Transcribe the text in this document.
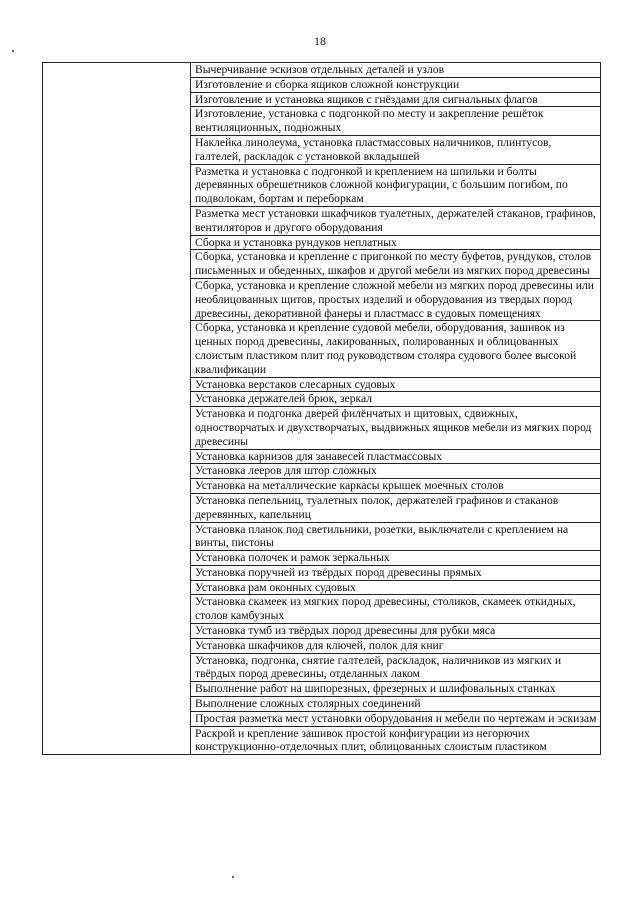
18
	Вычерчивание эскизов отдельных деталей и узлов
Изготовление и сборка ящиков сложной конструкции
Изготовление и установка ящиков с гнёздами для сигнальных флагов
Изготовление, установка с подгонкой по месту и закрепление решёток вентиляционных, подножных
Наклейка линолеума, установка пластмассовых наличников, плинтусов, галтелей, раскладок с установкой вкладышей
Разметка и установка с подгонкой и креплением на шпильки и болты деревянных обрешетников сложной конфигурации, с большим погибом, по подволокам, бортам и переборкам
Разметка мест установки шкафчиков туалетных, держателей стаканов, графинов, вентиляторов и другого оборудования
Сборка и установка рундуков неплатных
Сборка, установка и крепление с пригонкой по месту буфетов, рундуков, столов письменных и обеденных, шкафов и другой мебели из мягких пород древесины
Сборка, установка и крепление сложной мебели из мягких пород древесины или необлицованных щитов, простых изделий и оборудования из твердых пород древесины, декоративной фанеры и пластмасс в судовых помещениях
Сборка, установка и крепление судовой мебели, оборудования, зашивок из ценных пород древесины, лакированных, полированных и облицованных слоистым пластиком плит под руководством столяра судового более высокой квалификации
Установка верстаков слесарных судовых
Установка держателей брюк, зеркал
Установка и подгонка дверей филёнчатых и щитовых, сдвижных, одностворчатых и двухстворчатых, выдвижных ящиков мебели из мягких пород древесины
Установка карнизов для занавесей пластмассовых
Установка лееров для штор сложных
Установка на металлические каркасы крышек моечных столов
Установка пепельниц, туалетных полок, держателей графинов и стаканов деревянных, капельниц
Установка планок под светильники, розетки, выключатели с креплением на винты, пистоны
Установка полочек и рамок зеркальных
Установка поручней из твёрдых пород древесины прямых
Установка рам оконных судовых
Установка скамеек из мягких пород древесины, столиков, скамеек откидных, столов камбузных
Установка тумб из твёрдых пород древесины для рубки мяса
Установка шкафчиков для ключей, полок для книг
Установка, подгонка, снятие галтелей, раскладок, наличников из мягких и твёрдых пород древесины, отделанных лаком
Выполнение работ на шипорезных, фрезерных и шлифовальных станках
Выполнение сложных столярных соединений
Простая разметка мест установки оборудования и мебели по чертежам и эскизам
Раскрой и крепление зашивок простой конфигурации из негорючих конструкционно-отделочных плит, облицованных слоистым пластиком
